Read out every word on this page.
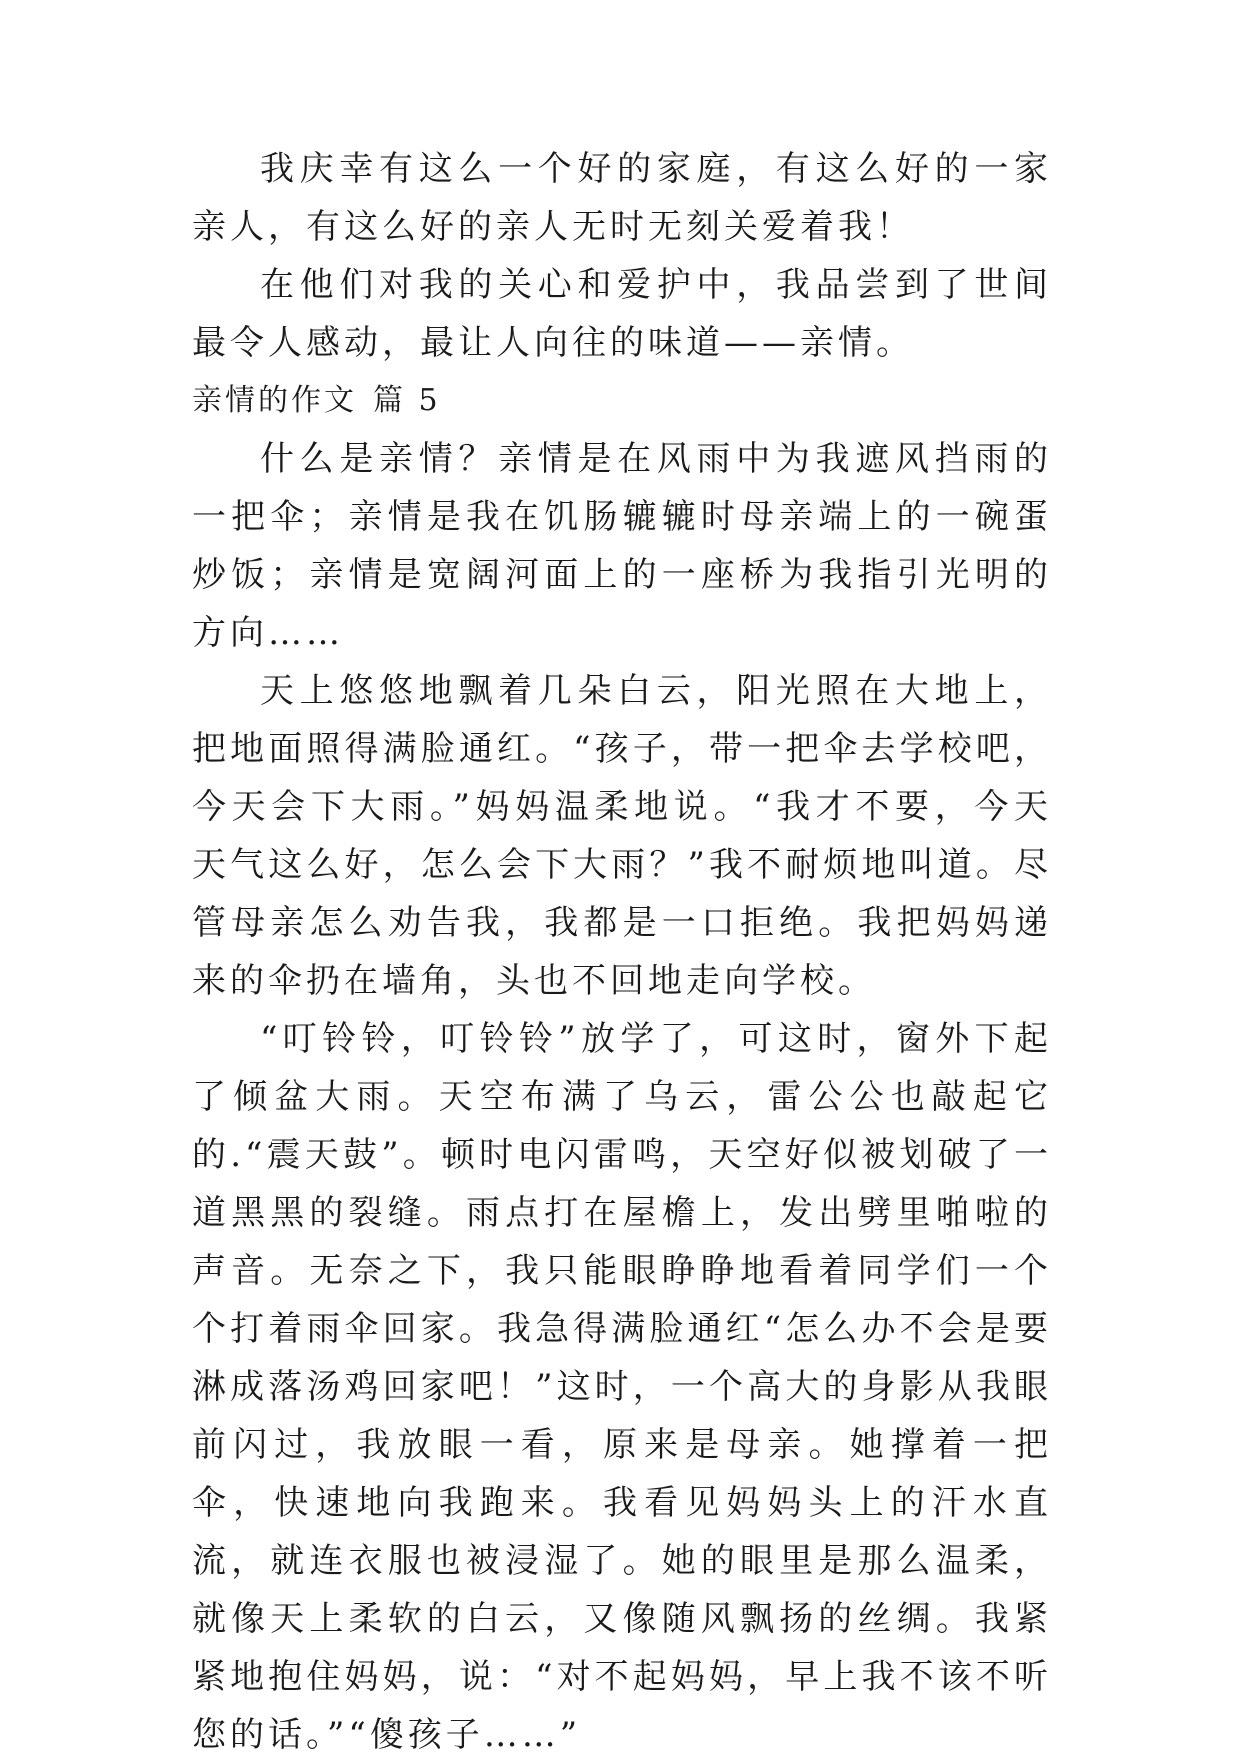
我庆幸有这么一个好的家庭，有这么好的一家亲人，有这么好的亲人无时无刻关爱着我！

在他们对我的关心和爱护中，我品尝到了世间最令人感动，最让人向往的味道——亲情。

亲情的作文 篇 5

什么是亲情？亲情是在风雨中为我遮风挡雨的一把伞；亲情是我在饥肠辘辘时母亲端上的一碗蛋炒饭；亲情是宽阔河面上的一座桥为我指引光明的方向……

天上悠悠地飘着几朵白云，阳光照在大地上，把地面照得满脸通红。“孩子，带一把伞去学校吧，今天会下大雨。”妈妈温柔地说。“我才不要，今天天气这么好，怎么会下大雨？”我不耐烦地叫道。尽管母亲怎么劝告我，我都是一口拒绝。我把妈妈递来的伞扔在墙角，头也不回地走向学校。

“叮铃铃，叮铃铃”放学了，可这时，窗外下起了倾盆大雨。天空布满了乌云，雷公公也敲起它的.“震天鼓”。顿时电闪雷鸣，天空好似被划破了一道黑黑的裂缝。雨点打在屋檐上，发出劈里啪啦的声音。无奈之下，我只能眼睁睁地看着同学们一个个打着雨伞回家。我急得满脸通红“怎么办不会是要淋成落汤鸡回家吧！”这时，一个高大的身影从我眼前闪过，我放眼一看，原来是母亲。她撑着一把伞，快速地向我跑来。我看见妈妈头上的汗水直流，就连衣服也被浸湿了。她的眼里是那么温柔，就像天上柔软的白云，又像随风飘扬的丝绸。我紧紧地抱住妈妈，说：“对不起妈妈，早上我不该不听您的话。”“傻孩子……”
